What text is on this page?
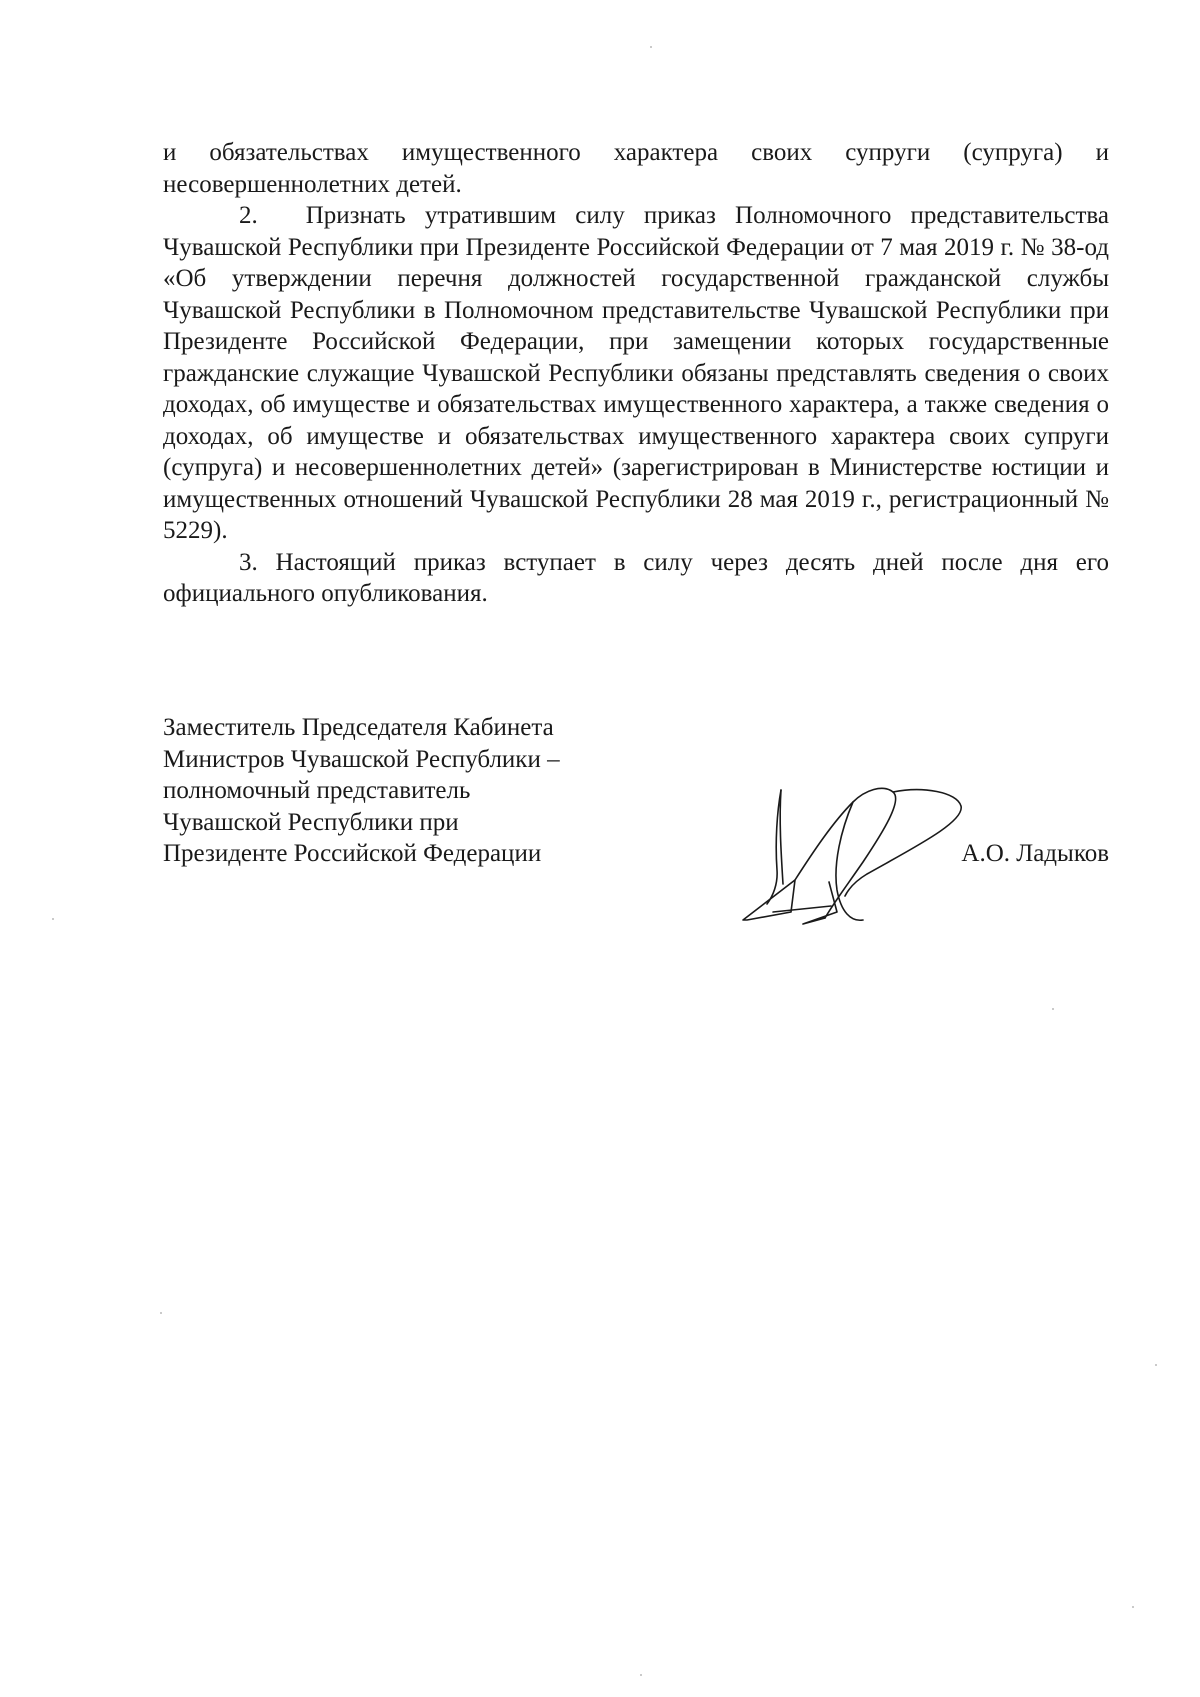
и обязательствах имущественного характера своих супруги (супруга) и несовершеннолетних детей.

2. Признать утратившим силу приказ Полномочного представительства Чувашской Республики при Президенте Российской Федерации от 7 мая 2019 г. № 38-од «Об утверждении перечня должностей государственной гражданской службы Чувашской Республики в Полномочном представительстве Чувашской Республики при Президенте Российской Федерации, при замещении которых государственные гражданские служащие Чувашской Республики обязаны представлять сведения о своих доходах, об имуществе и обязательствах имущественного характера, а также сведения о доходах, об имуществе и обязательствах имущественного характера своих супруги (супруга) и несовершеннолетних детей» (зарегистрирован в Министерстве юстиции и имущественных отношений Чувашской Республики 28 мая 2019 г., регистрационный № 5229).

3. Настоящий приказ вступает в силу через десять дней после дня его официального опубликования.

Заместитель Председателя Кабинета
Министров Чувашской Республики –
полномочный представитель
Чувашской Республики при
Президенте Российской Федерации	А.О. Ладыков
